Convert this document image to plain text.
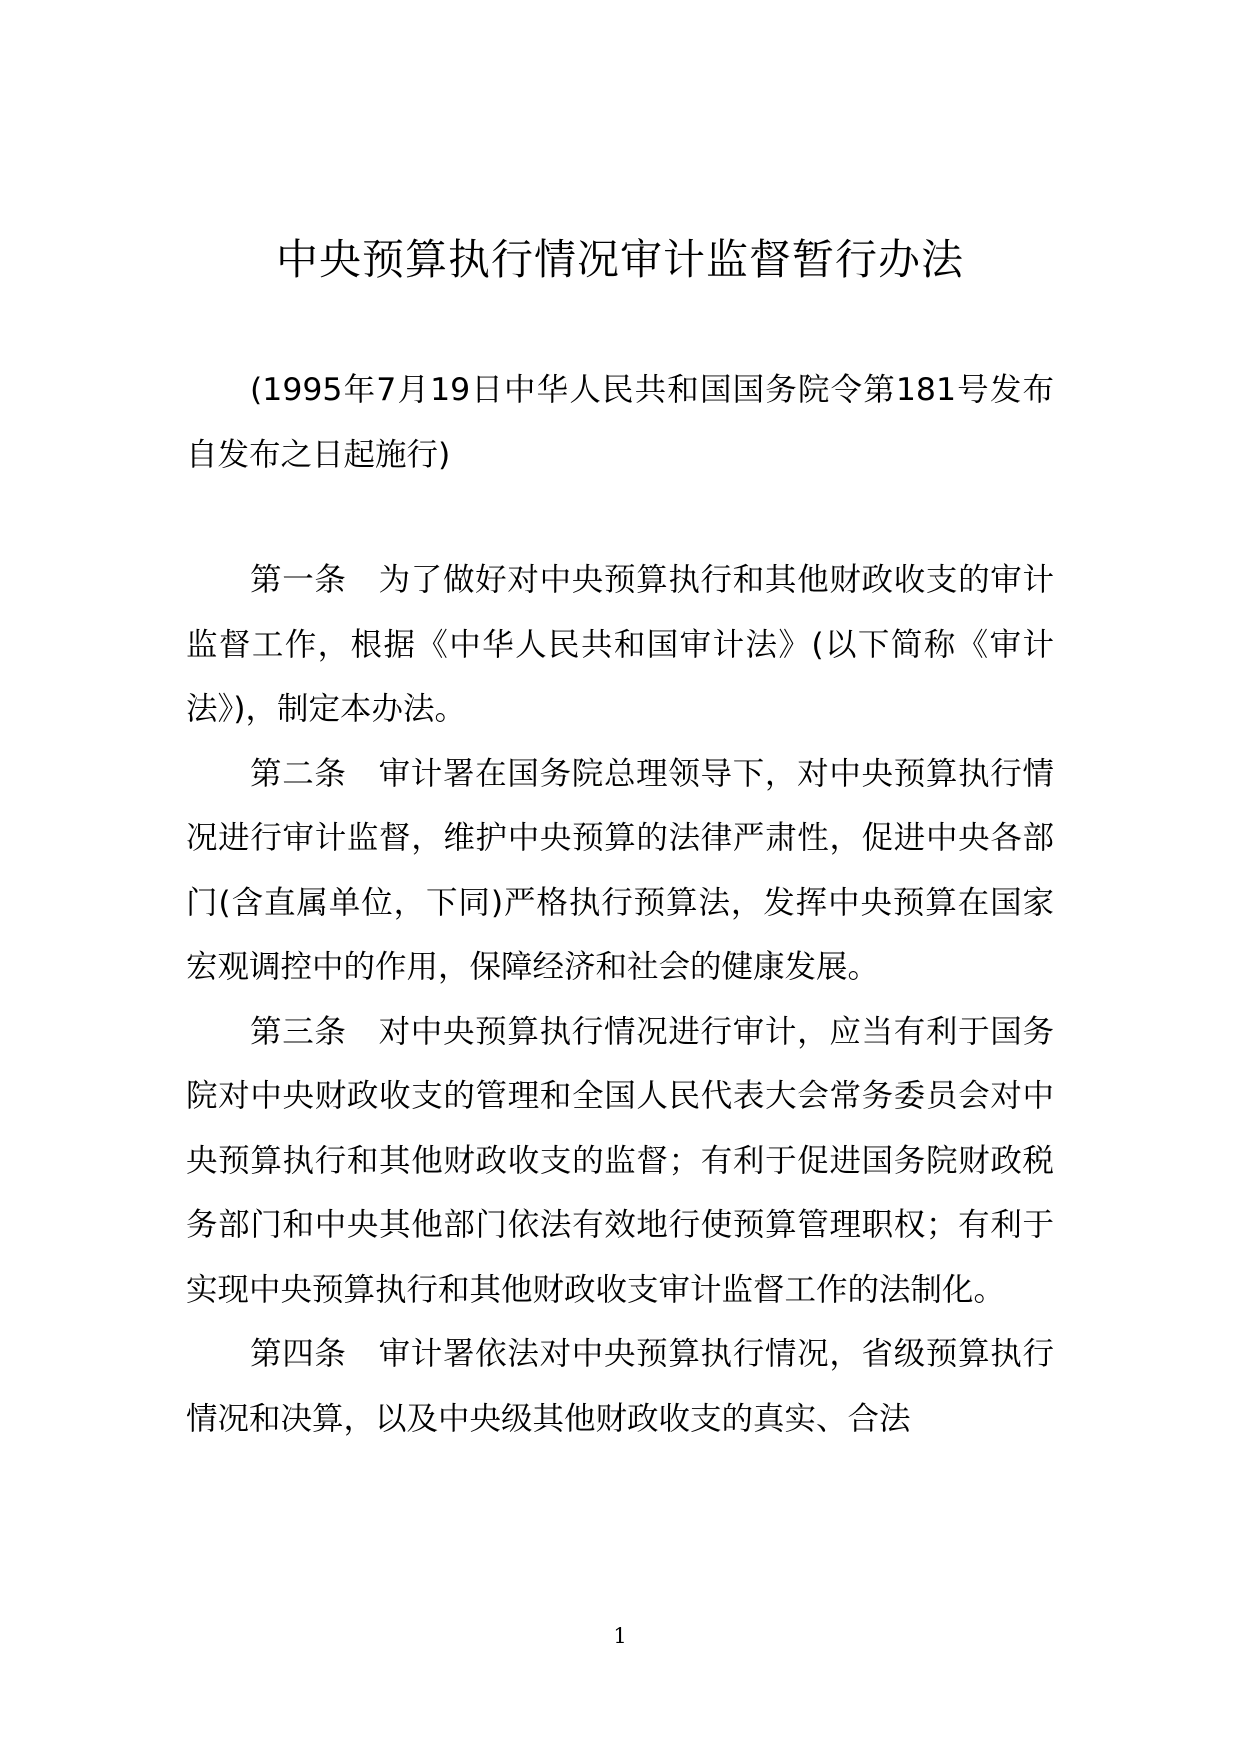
中央预算执行情况审计监督暂行办法

(1995年7月19日中华人民共和国国务院令第181号发布　自发布之日起施行)

第一条 为了做好对中央预算执行和其他财政收支的审计监督工作，根据《中华人民共和国审计法》(以下简称《审计法》)，制定本办法。

第二条 审计署在国务院总理领导下，对中央预算执行情况进行审计监督，维护中央预算的法律严肃性，促进中央各部门(含直属单位，下同)严格执行预算法，发挥中央预算在国家宏观调控中的作用，保障经济和社会的健康发展。

第三条 对中央预算执行情况进行审计，应当有利于国务院对中央财政收支的管理和全国人民代表大会常务委员会对中央预算执行和其他财政收支的监督；有利于促进国务院财政税务部门和中央其他部门依法有效地行使预算管理职权；有利于实现中央预算执行和其他财政收支审计监督工作的法制化。

第四条 审计署依法对中央预算执行情况，省级预算执行情况和决算，以及中央级其他财政收支的真实、合法

1
